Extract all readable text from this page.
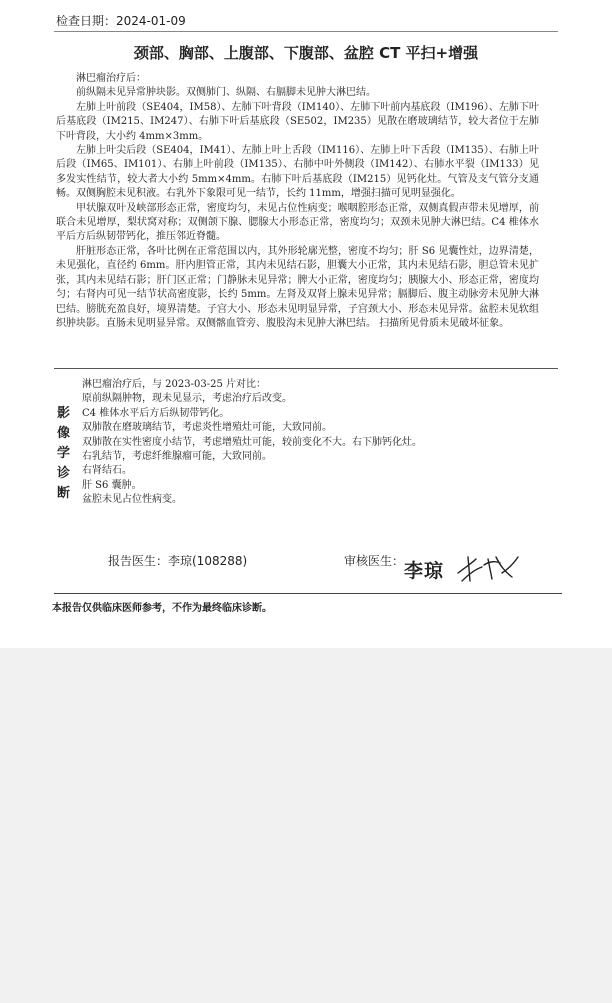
检查日期：2024-01-09
颈部、胸部、上腹部、下腹部、盆腔 CT 平扫+增强

淋巴瘤治疗后：

前纵隔未见异常肿块影。双侧肺门、纵隔、右膈脚未见肿大淋巴结。

左肺上叶前段（SE404，IM58）、左肺下叶背段（IM140）、左肺下叶前内基底段（IM196）、左肺下叶后基底段（IM215、IM247）、右肺下叶后基底段（SE502，IM235）见散在磨玻璃结节，较大者位于左肺下叶背段，大小约 4mm×3mm。

左肺上叶尖后段（SE404，IM41）、左肺上叶上舌段（IM116）、左肺上叶下舌段（IM135）、右肺上叶后段（IM65、IM101）、右肺上叶前段（IM135）、右肺中叶外侧段（IM142）、右肺水平裂（IM133）见多发实性结节，较大者大小约 5mm×4mm。右肺下叶后基底段（IM215）见钙化灶。气管及支气管分支通畅。双侧胸腔未见积液。右乳外下象限可见一结节，长约 11mm，增强扫描可见明显强化。

甲状腺双叶及峡部形态正常，密度均匀，未见占位性病变；喉咽腔形态正常，双侧真假声带未见增厚，前联合未见增厚，梨状窝对称；双侧颌下腺、腮腺大小形态正常，密度均匀；双颈未见肿大淋巴结。C4 椎体水平后方后纵韧带钙化，推压邻近脊髓。

肝脏形态正常，各叶比例在正常范围以内，其外形轮廓光整，密度不均匀；肝 S6 见囊性灶，边界清楚，未见强化，直径约 6mm。肝内胆管正常，其内未见结石影，胆囊大小正常，其内未见结石影，胆总管未见扩张，其内未见结石影；肝门区正常；门静脉未见异常；脾大小正常，密度均匀；胰腺大小、形态正常，密度均匀；右肾内可见一结节状高密度影，长约 5mm。左肾及双肾上腺未见异常；膈脚后、腹主动脉旁未见肿大淋巴结。膀胱充盈良好，境界清楚。子宫大小、形态未见明显异常，子宫颈大小、形态未见异常。盆腔未见软组织肿块影。直肠未见明显异常。双侧髂血管旁、腹股沟未见肿大淋巴结。 扫描所见骨质未见破坏征象。

影
像
学
诊
断
淋巴瘤治疗后，与 2023-03-25 片对比：
原前纵隔肿物，现未见显示，考虑治疗后改变。
C4 椎体水平后方后纵韧带钙化。
双肺散在磨玻璃结节，考虑炎性增殖灶可能，大致同前。
双肺散在实性密度小结节，考虑增殖灶可能，较前变化不大。右下肺钙化灶。
右乳结节，考虑纤维腺瘤可能，大致同前。
右肾结石。
肝 S6 囊肿。
盆腔未见占位性病变。
报告医生：李琼(108288)	审核医生： 李琼
本报告仅供临床医师参考，不作为最终临床诊断。
